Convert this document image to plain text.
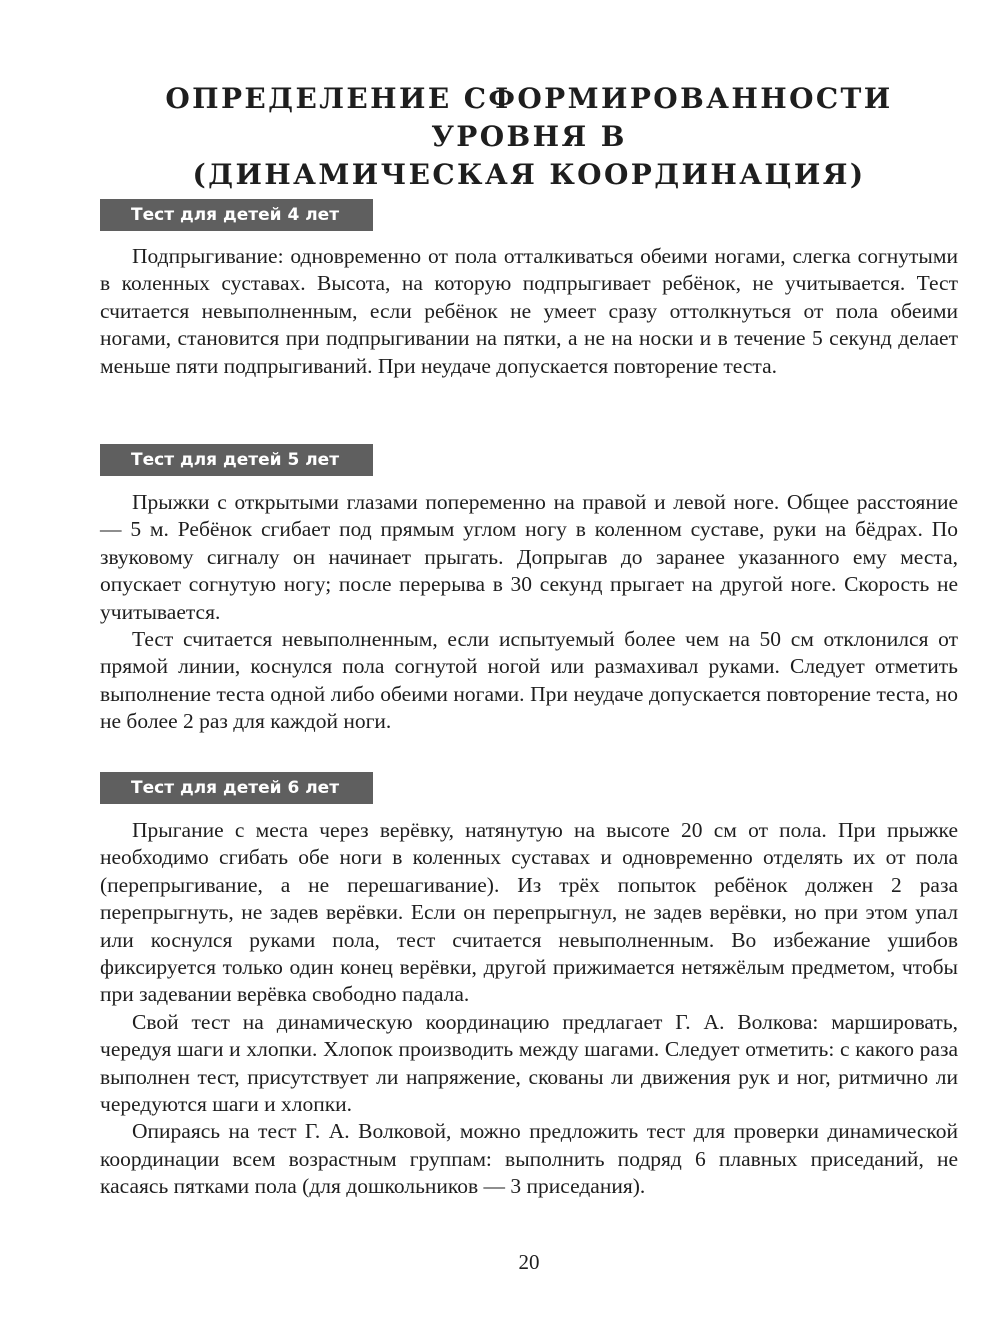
ОПРЕДЕЛЕНИЕ СФОРМИРОВАННОСТИ УРОВНЯ В
(ДИНАМИЧЕСКАЯ КООРДИНАЦИЯ)
Тест для детей 4 лет

Подпрыгивание: одновременно от пола отталкиваться обеими ногами, слегка согнутыми в коленных суставах. Высота, на которую подпрыгивает ребёнок, не учитывается. Тест считается невыполненным, если ребёнок не умеет сразу оттолкнуться от пола обеими ногами, становится при подпрыгивании на пятки, а не на носки и в течение 5 секунд делает меньше пяти подпрыгиваний. При неудаче допускается повторение теста.

Тест для детей 5 лет

Прыжки с открытыми глазами попеременно на правой и левой ноге. Общее расстояние — 5 м. Ребёнок сгибает под прямым углом ногу в коленном суставе, руки на бёдрах. По звуковому сигналу он начинает прыгать. Допрыгав до заранее указанного ему места, опускает согнутую ногу; после перерыва в 30 секунд прыгает на другой ноге. Скорость не учитывается.

Тест считается невыполненным, если испытуемый более чем на 50 см отклонился от прямой линии, коснулся пола согнутой ногой или размахивал руками. Следует отметить выполнение теста одной либо обеими ногами. При неудаче допускается повторение теста, но не более 2 раз для каждой ноги.

Тест для детей 6 лет

Прыгание с места через верёвку, натянутую на высоте 20 см от пола. При прыжке необходимо сгибать обе ноги в коленных суставах и одновременно отделять их от пола (перепрыгивание, а не перешагивание). Из трёх попыток ребёнок должен 2 раза перепрыгнуть, не задев верёвки. Если он перепрыгнул, не задев верёвки, но при этом упал или коснулся руками пола, тест считается невыполненным. Во избежание ушибов фиксируется только один конец верёвки, другой прижимается нетяжёлым предметом, чтобы при задевании верёвка свободно падала.

Свой тест на динамическую координацию предлагает Г. А. Волкова: маршировать, чередуя шаги и хлопки. Хлопок производить между шагами. Следует отметить: с какого раза выполнен тест, присутствует ли напряжение, скованы ли движения рук и ног, ритмично ли чередуются шаги и хлопки.

Опираясь на тест Г. А. Волковой, можно предложить тест для проверки динамической координации всем возрастным группам: выполнить подряд 6 плавных приседаний, не касаясь пятками пола (для дошкольников — 3 приседания).

20
